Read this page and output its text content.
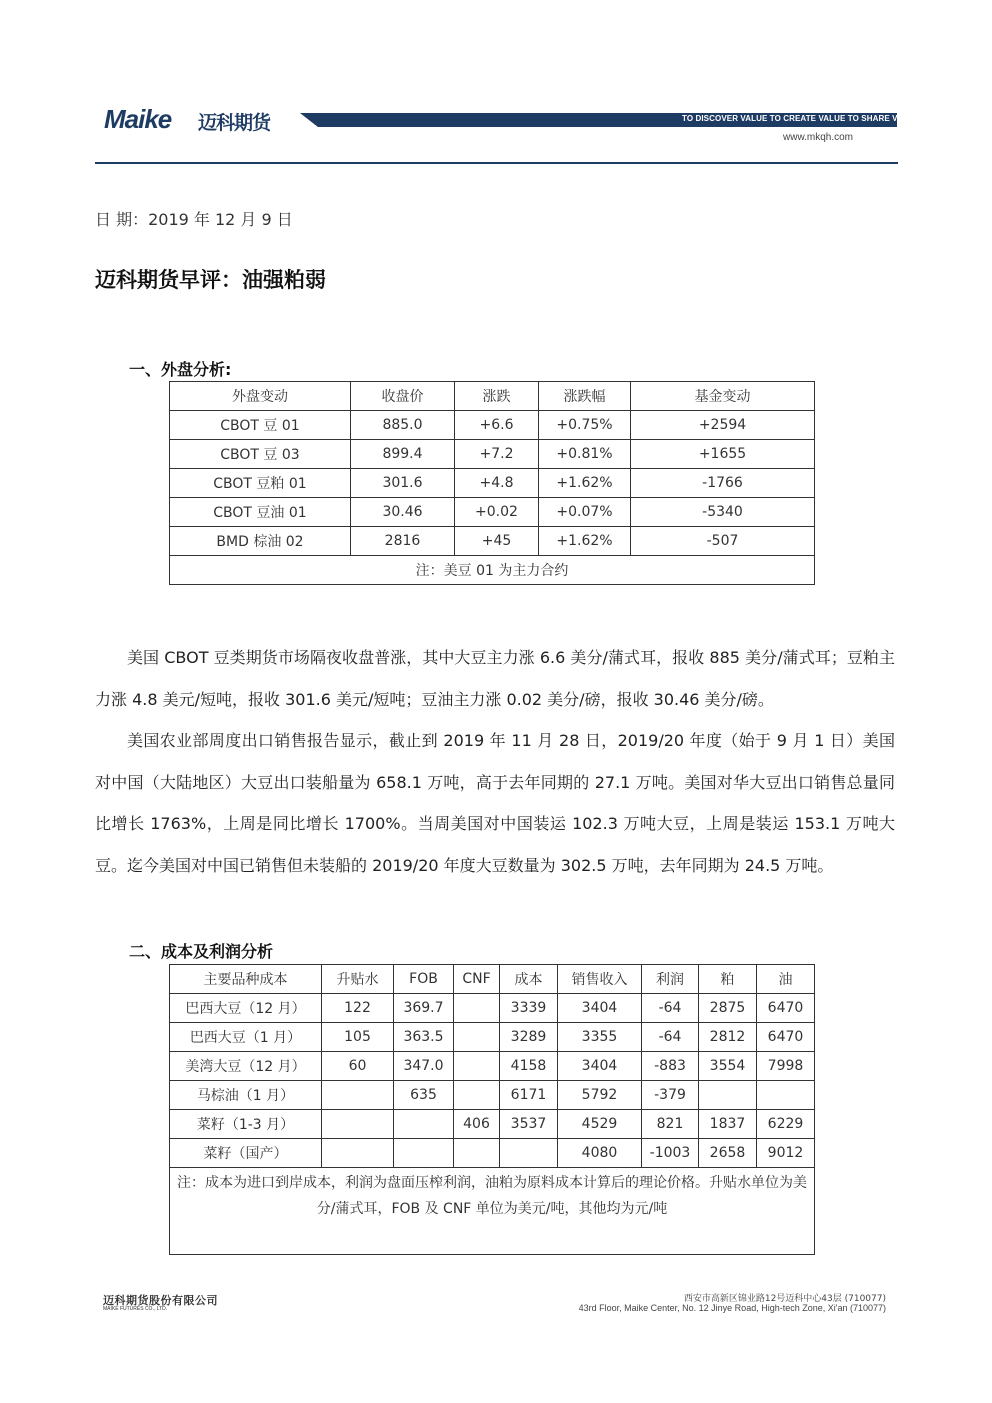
Maike 迈科期货	TO DISCOVER VALUE TO CREATE VALUE TO SHARE VALUE
www.mkqh.com
日 期：2019 年 12 月 9 日
迈科期货早评：油强粕弱
一、外盘分析:
外盘变动	收盘价	涨跌	涨跌幅	基金变动
CBOT 豆 01	885.0	+6.6	+0.75%	+2594
CBOT 豆 03	899.4	+7.2	+0.81%	+1655
CBOT 豆粕 01	301.6	+4.8	+1.62%	-1766
CBOT 豆油 01	30.46	+0.02	+0.07%	-5340
BMD 棕油 02	2816	+45	+1.62%	-507
注：美豆 01 为主力合约				

美国 CBOT 豆类期货市场隔夜收盘普涨，其中大豆主力涨 6.6 美分/蒲式耳，报收 885 美分/蒲式耳；豆粕主力涨 4.8 美元/短吨，报收 301.6 美元/短吨；豆油主力涨 0.02 美分/磅，报收 30.46 美分/磅。

美国农业部周度出口销售报告显示，截止到 2019 年 11 月 28 日，2019/20 年度（始于 9 月 1 日）美国对中国（大陆地区）大豆出口装船量为 658.1 万吨，高于去年同期的 27.1 万吨。美国对华大豆出口销售总量同比增长 1763%，上周是同比增长 1700%。当周美国对中国装运 102.3 万吨大豆，上周是装运 153.1 万吨大豆。迄今美国对中国已销售但未装船的 2019/20 年度大豆数量为 302.5 万吨，去年同期为 24.5 万吨。

二、成本及利润分析
主要品种成本	升贴水	FOB	CNF	成本	销售收入	利润	粕	油
巴西大豆（12 月）	122	369.7		3339	3404	-64	2875	6470
巴西大豆（1 月）	105	363.5		3289	3355	-64	2812	6470
美湾大豆（12 月）	60	347.0		4158	3404	-883	3554	7998
马棕油（1 月）		635		6171	5792	-379		
菜籽（1-3 月）			406	3537	4529	821	1837	6229
菜籽（国产）					4080	-1003	2658	9012
注：成本为进口到岸成本，利润为盘面压榨利润，油粕为原料成本计算后的理论价格。升贴水单位为美分/蒲式耳，FOB 及 CNF 单位为美元/吨，其他均为元/吨								
迈科期货股份有限公司
MAIKE FUTURES CO., LTD.
西安市高新区锦业路12号迈科中心43层 (710077)
43rd Floor, Maike Center, No. 12 Jinye Road, High-tech Zone, Xi'an (710077)
